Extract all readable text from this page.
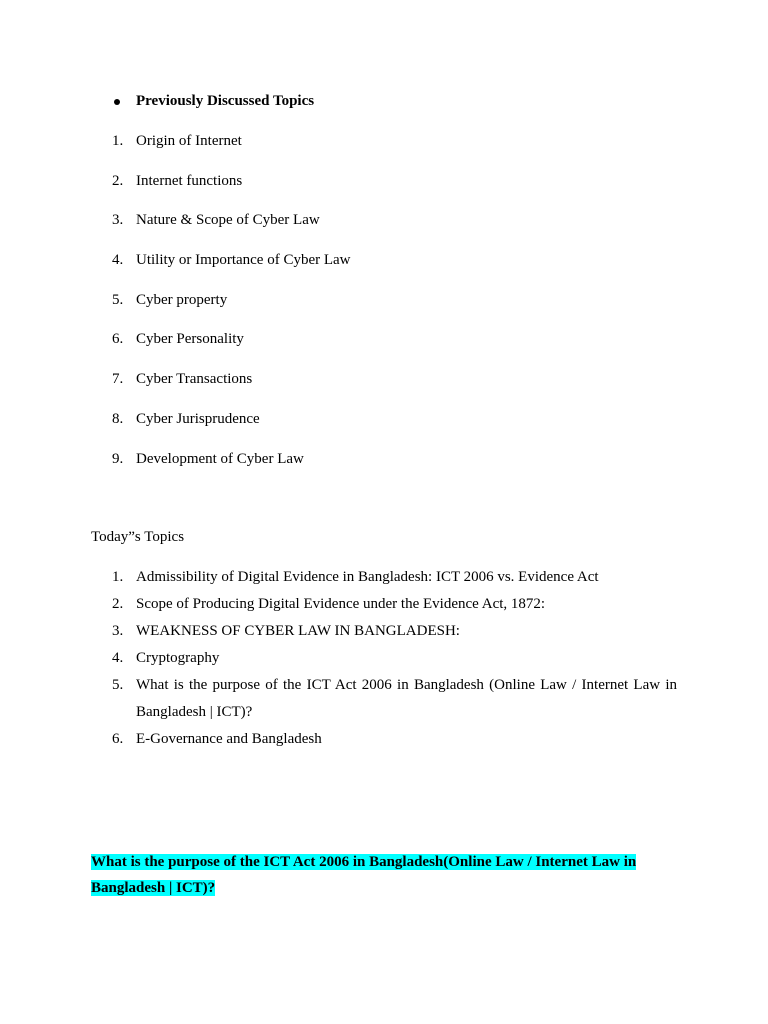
Previously Discussed Topics
1. Origin of Internet
2. Internet functions
3. Nature & Scope of Cyber Law
4. Utility or Importance of Cyber Law
5. Cyber property
6. Cyber Personality
7. Cyber Transactions
8. Cyber Jurisprudence
9. Development of Cyber Law
Today”s Topics
1. Admissibility of Digital Evidence in Bangladesh: ICT 2006 vs. Evidence Act
2. Scope of Producing Digital Evidence under the Evidence Act, 1872:
3. WEAKNESS OF CYBER LAW IN BANGLADESH:
4. Cryptography
5. What is the purpose of the ICT Act 2006 in Bangladesh (Online Law / Internet Law in
Bangladesh | ICT)?
6. E-Governance and Bangladesh
What is the purpose of the ICT Act 2006 in Bangladesh(Online Law / Internet Law in
Bangladesh | ICT)?
